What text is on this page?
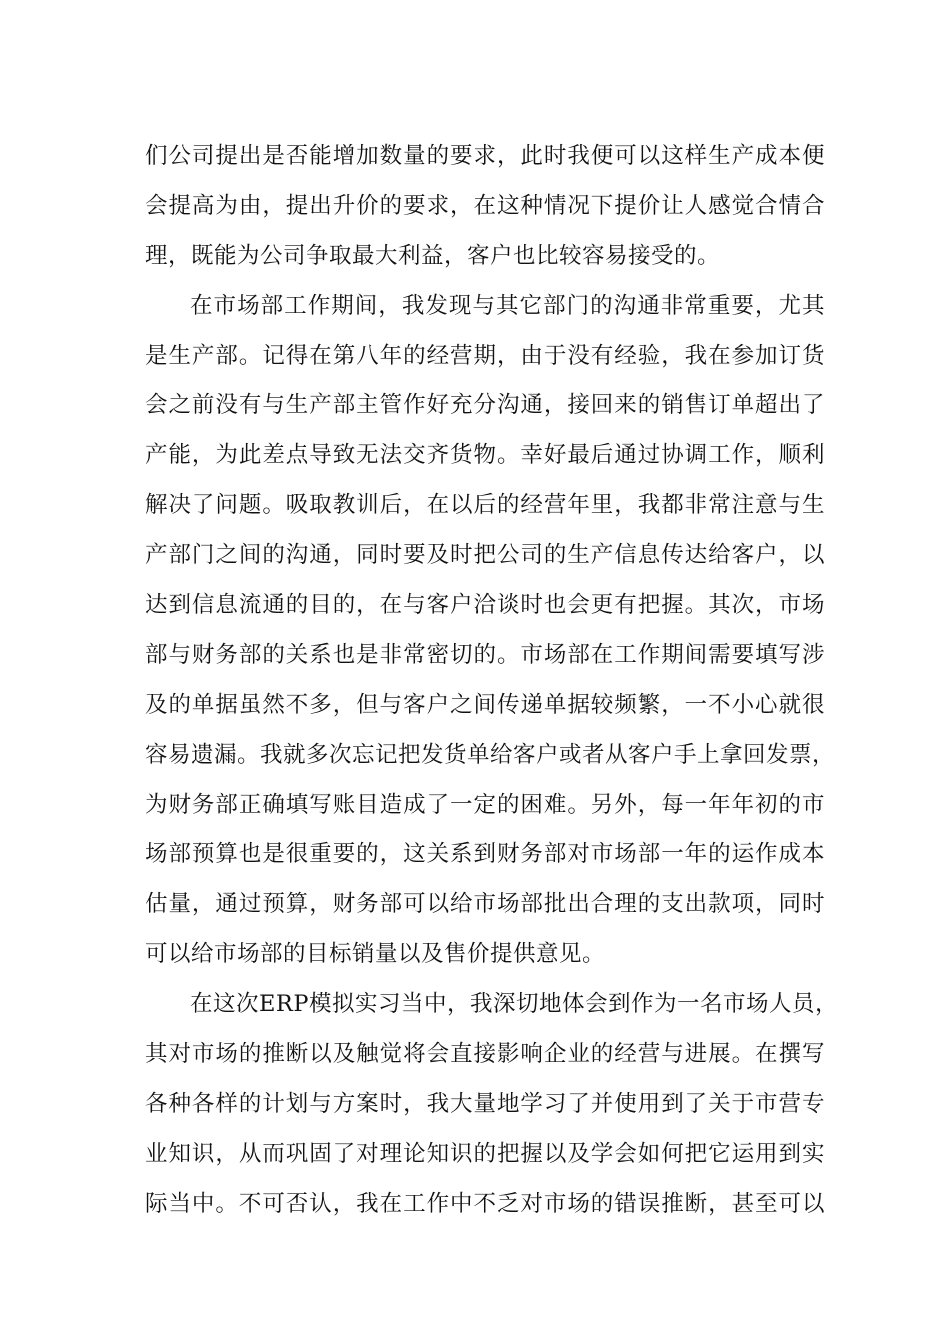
们公司提出是否能增加数量的要求，此时我便可以这样生产成本便
会提高为由，提出升价的要求，在这种情况下提价让人感觉合情合
理，既能为公司争取最大利益，客户也比较容易接受的。
在市场部工作期间，我发现与其它部门的沟通非常重要，尤其
是生产部。记得在第八年的经营期，由于没有经验，我在参加订货
会之前没有与生产部主管作好充分沟通，接回来的销售订单超出了
产能，为此差点导致无法交齐货物。幸好最后通过协调工作，顺利
解决了问题。吸取教训后，在以后的经营年里，我都非常注意与生
产部门之间的沟通，同时要及时把公司的生产信息传达给客户，以
达到信息流通的目的，在与客户洽谈时也会更有把握。其次，市场
部与财务部的关系也是非常密切的。市场部在工作期间需要填写涉
及的单据虽然不多，但与客户之间传递单据较频繁，一不小心就很
容易遗漏。我就多次忘记把发货单给客户或者从客户手上拿回发票，
为财务部正确填写账目造成了一定的困难。另外，每一年年初的市
场部预算也是很重要的，这关系到财务部对市场部一年的运作成本
估量，通过预算，财务部可以给市场部批出合理的支出款项，同时
可以给市场部的目标销量以及售价提供意见。
在这次ERP模拟实习当中，我深切地体会到作为一名市场人员，
其对市场的推断以及触觉将会直接影响企业的经营与进展。在撰写
各种各样的计划与方案时，我大量地学习了并使用到了关于市营专
业知识，从而巩固了对理论知识的把握以及学会如何把它运用到实
际当中。不可否认，我在工作中不乏对市场的错误推断，甚至可以
